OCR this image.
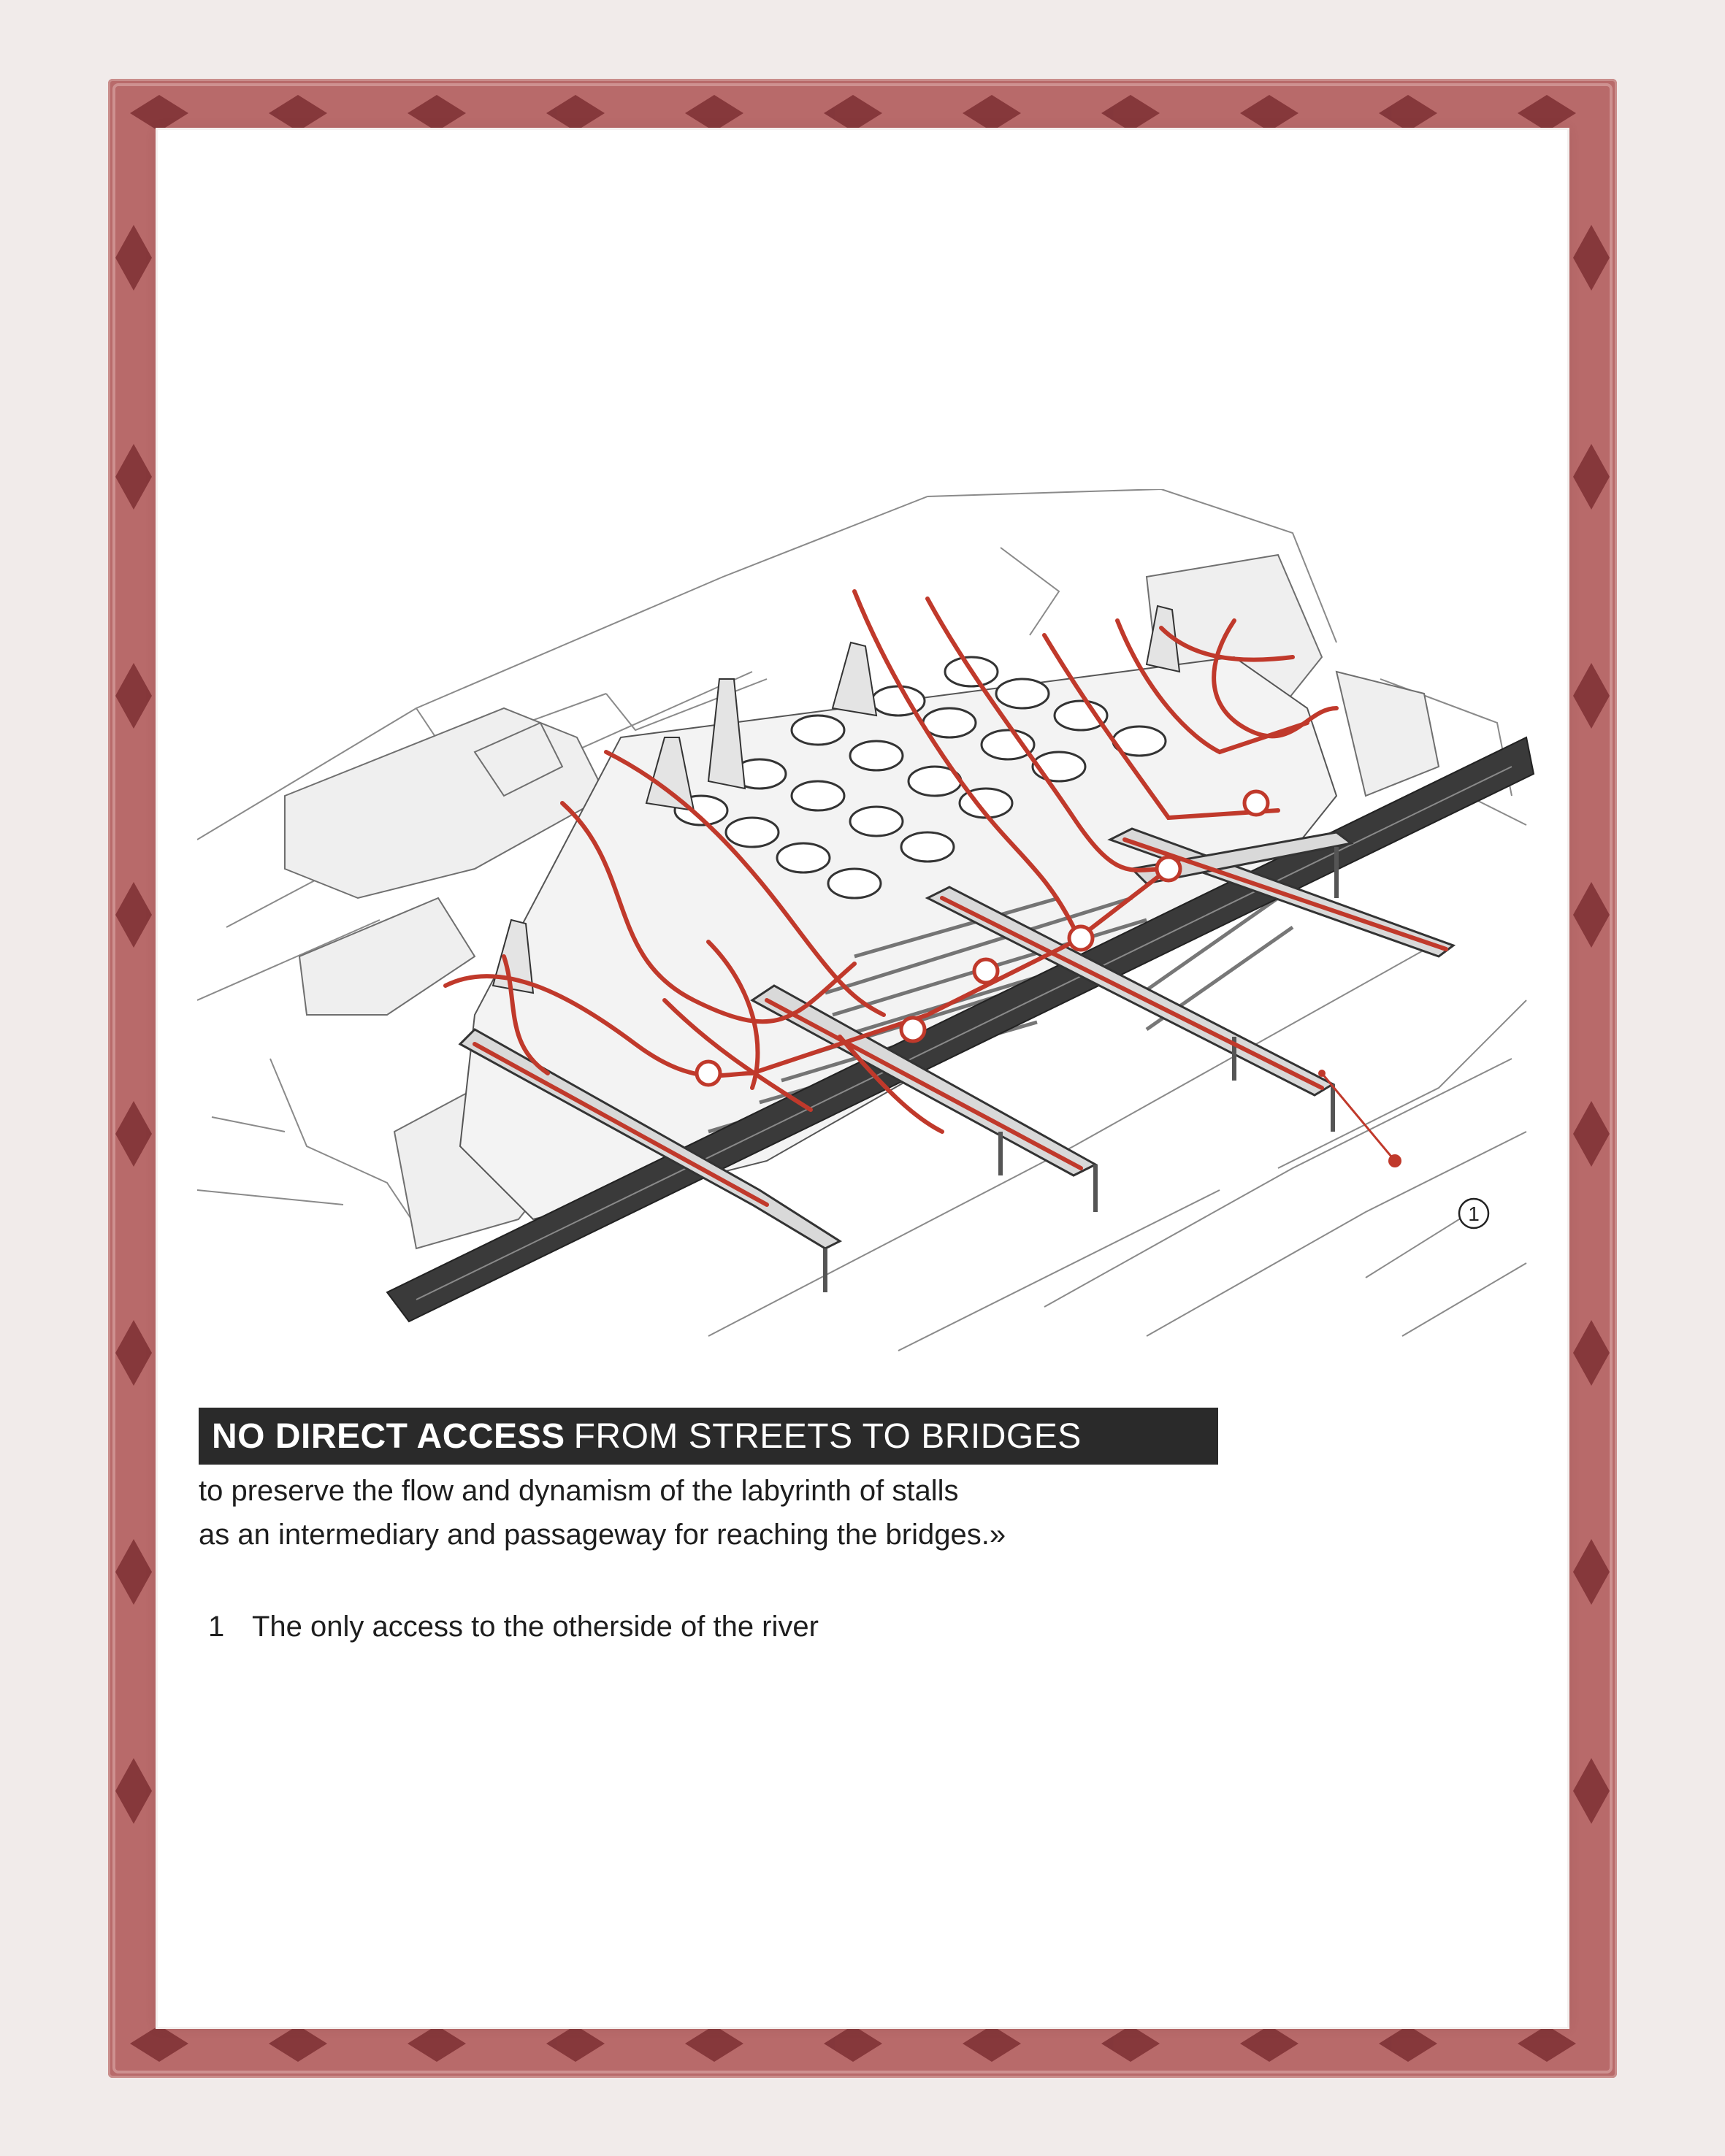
1
NO DIRECT ACCESS FROM STREETS TO BRIDGES
to preserve the flow and dynamism of the labyrinth of stalls
as an intermediary and passageway for reaching the bridges.»
1 The only access to the otherside of the river
